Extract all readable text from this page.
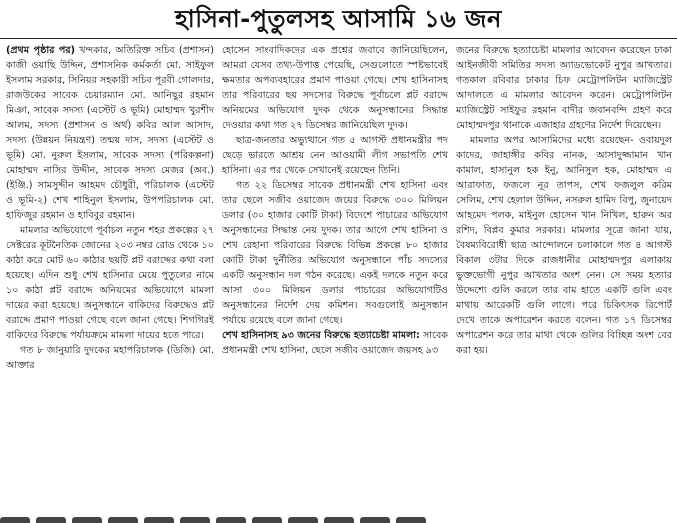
হাসিনা-পুতুলসহ আসামি ১৬ জন

(প্রথম পৃষ্ঠার পর) খন্দকার, অতিরিক্ত সচিব (প্রশাসন) কাজী ওয়াছি উদ্দিন, প্রশাসনিক কর্মকর্তা মো. সাইফুল ইসলাম সরকার, সিনিয়র সহকারী সচিব পূরবী গোলদার, রাজউকের সাবেক চেয়ারম্যান মো. আনিছুর রহমান মিঞা, সাবেক সদস্য (এস্টেট ও ভূমি) মোহাম্মদ খুরশীদ আলম, সদস্য (প্রশাসন ও অর্থ) কবির আল আসাদ, সদস্য (উন্নয়ন নিয়ন্ত্রণ) তন্ময় দাস, সদস্য (এস্টেট ও ভূমি) মো. নুরুল ইসলাম, সাবেক সদস্য (পরিকল্পনা) মোহাম্মদ নাসির উদ্দীন, সাবেক সদস্য মেজর (অব.) (ইঞ্জি.) সামসুদ্দীন আহমদ চৌধুরী, পরিচালক (এস্টেট ও ভূমি-২) শেখ শাহিনুল ইসলাম, উপপরিচালক মো. হাফিজুর রহমান ও হাবিবুর রহমান।

মামলার অভিযোগে পূর্বাচল নতুন শহর প্রকল্পের ২৭ সেক্টরের কূটনৈতিক জোনের ২০৩ নম্বর রোড থেকে ১০ কাঠা করে মোট ৬০ কাঠার ছয়টি প্লট বরাদ্দের কথা বলা হয়েছে। এদিন শুধু শেখ হাসিনার মেয়ে পুতুলের নামে ১০ কাঠা প্লট বরাদ্দে অনিয়মের অভিযোগে মামলা দায়ের করা হয়েছে। অনুসন্ধানে বাকিদের বিরুদ্ধেও প্লট বরাদ্দে প্রমাণ পাওয়া গেছে বলে জানা গেছে। শিগগিরই বাকিদের বিরুদ্ধে পর্যায়ক্রমে মামলা দায়ের হতে পারে।

গত ৮ জানুয়ারি দুদকের মহাপরিচালক (ডিজি) মো. আক্তার

হোসেন সাংবাদিকদের এক প্রশ্নের জবাবে জানিয়েছিলেন, আমরা যেসব তথ্য-উপাত্ত পেয়েছি, সেগুলোতে স্পষ্টভাবেই ক্ষমতার অপব্যবহারের প্রমাণ পাওয়া গেছে। শেখ হাসিনাসহ তার পরিবারের ছয় সদস্যের বিরুদ্ধে পূর্বাচলে প্লট বরাদ্দে অনিয়মের অভিযোগ দুদক থেকে অনুসন্ধানের সিদ্ধান্ত দেওয়ার কথা গত ২৭ ডিসেম্বর জানিয়েছিল দুদক।

ছাত্র-জনতার অভ্যুত্থানে গত ৫ আগস্ট প্রধানমন্ত্রীর পদ ছেড়ে ভারতে আশ্রয় নেন আওয়ামী লীগ সভাপতি শেখ হাসিনা। এর পর থেকে সেখানেই রয়েছেন তিনি।

গত ২২ ডিসেম্বর সাবেক প্রধানমন্ত্রী শেখ হাসিনা এবং তার ছেলে সজীব ওয়াজেদ জয়ের বিরুদ্ধে ৩০০ মিলিয়ন ডলার (৩০ হাজার কোটি টাকা) বিদেশে পাচারের অভিযোগ অনুসন্ধানের সিদ্ধান্ত নেয় দুদক। তার আগে শেখ হাসিনা ও শেখ রেহানা পরিবারের বিরুদ্ধে বিভিন্ন প্রকল্পে ৮০ হাজার কোটি টাকা দুর্নীতির অভিযোগ অনুসন্ধানে পাঁচ সদস্যের একটি অনুসন্ধান দল গঠন করেছে। একই দলকে নতুন করে আসা ৩০০ মিলিয়ন ডলার পাচারের অভিযোগটিও অনুসন্ধানের নির্দেশ দেয় কমিশন। সবগুলোই অনুসন্ধান পর্যায়ে রয়েছে বলে জানা গেছে।

শেখ হাসিনাসহ ৯৩ জনের বিরুদ্ধে হত্যাচেষ্টা মামলা: সাবেক প্রধানমন্ত্রী শেখ হাসিনা, ছেলে সজীব ওয়াজেদ জয়সহ ৯৩

জনের বিরুদ্ধে হত্যাচেষ্টা মামলার আবেদন করেছেন ঢাকা আইনজীবী সমিতির সদস্য অ্যাডভোকেট নুপুর আখতার। গতকাল রবিবার ঢাকার চিফ মেট্রোপলিটন ম্যাজিস্ট্রেট আদালতে এ মামলার আবেদন করেন। মেট্রোপলিটন ম্যাজিস্ট্রেট সাইফুর রহমান বাদীর জবানবন্দি গ্রহণ করে মোহাম্মদপুর থানাকে এজাহার গ্রহণের নির্দেশ দিয়েছেন।

মামলার অপর আসামিদের মধ্যে রয়েছেন- ওবায়দুল কাদের, জাহাঙ্গীর কবির নানক, আসাদুজ্জামান খান কামাল, হাসানুল হক ইনু, আনিসুল হক, মোহাম্মদ এ আরাফাত, ফজলে নূর তাপস, শেখ ফজলুল করিম সেলিম, শেখ হেলাল উদ্দিন, নসরুল হামিদ বিপু, জুনায়েদ আহমেদ পলক, মাইনুল হোসেন খান নিখিল, হারুন অর রশিদ, বিপ্লব কুমার সরকার। মামলার সূত্রে জানা যায়, বৈষম্যবিরোধী ছাত্র আন্দোলনে চলাকালে গত ৪ আগস্ট বিকাল ৩টার দিকে রাজধানীর মোহাম্মদপুর এলাকায় ভুক্তভোগী নুপুর আখতার অংশ নেন। সে সময় হত্যার উদ্দেশ্যে গুলি করলে তার বাম হাতে একটি গুলি এবং মাথায় আরেকটি গুলি লাগে। পরে চিকিৎসক রিপোর্ট দেখে তাকে অপারেশন করতে বলেন। গত ১৭ ডিসেম্বর অপারেশন করে তার মাথা থেকে গুলির বিচ্ছিন্ন অংশ বের করা হয়।
